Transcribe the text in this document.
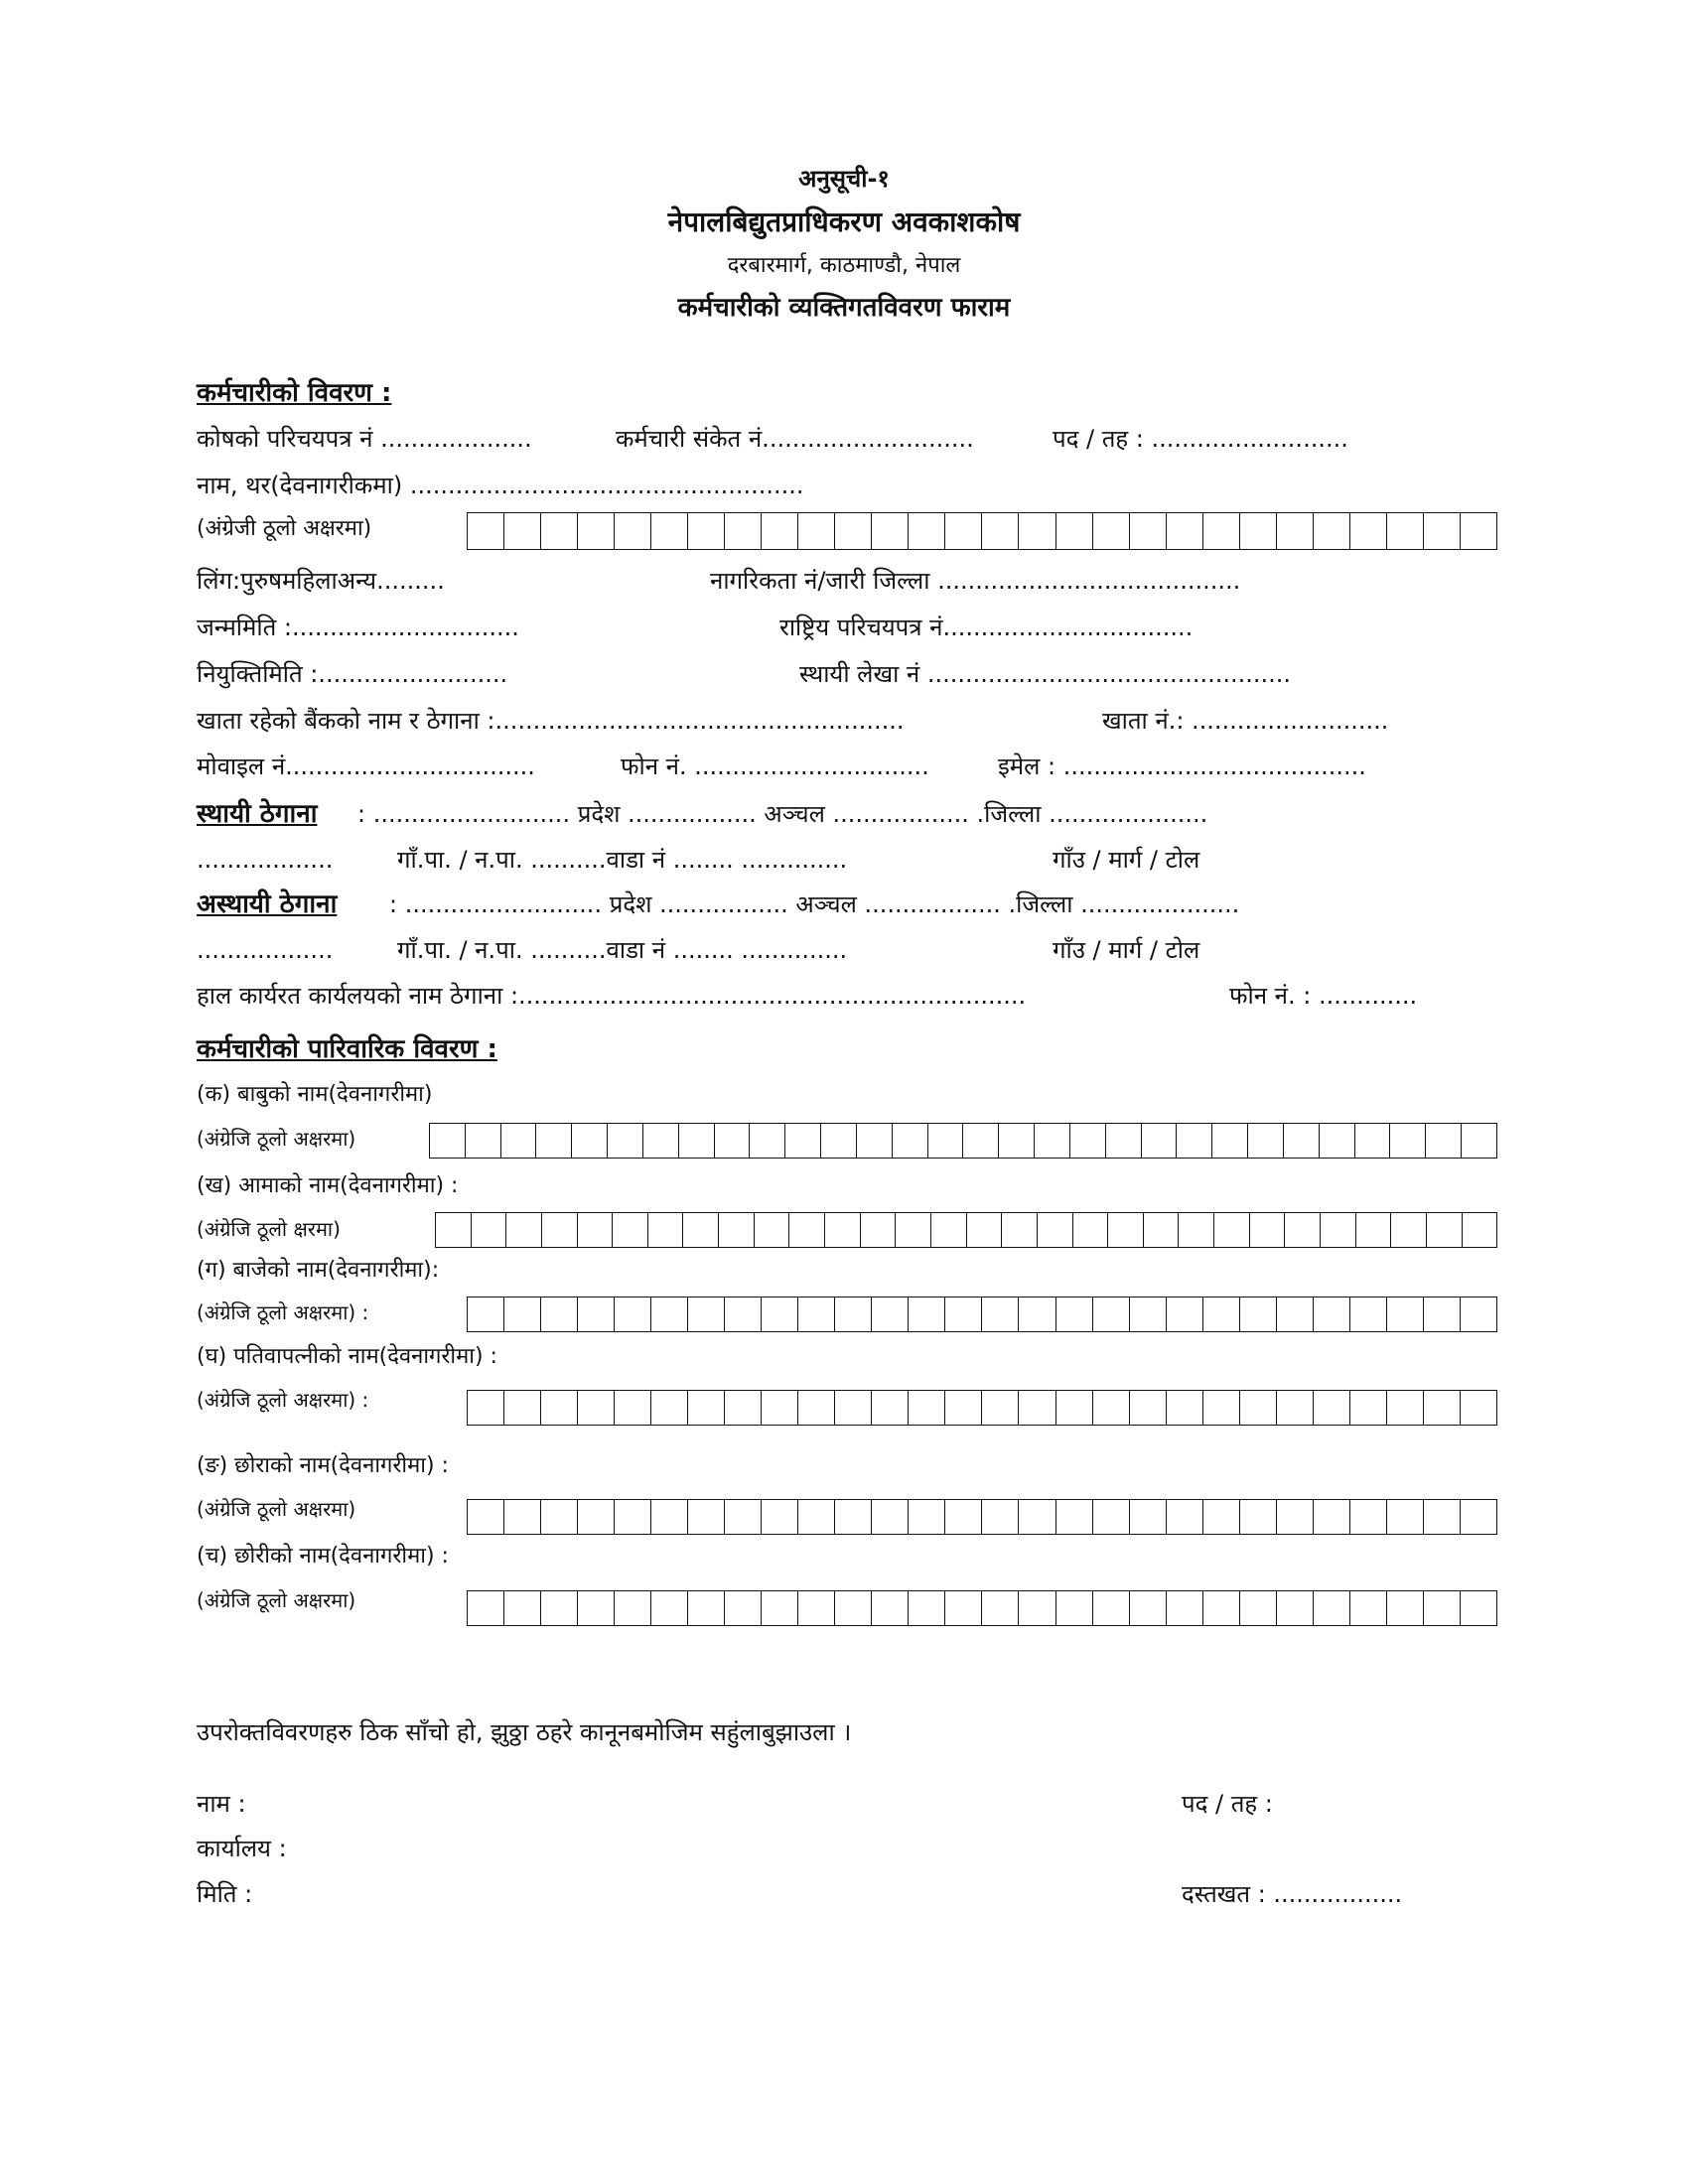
अनुसूची-१
नेपालबिद्युतप्राधिकरण अवकाशकोष
दरबारमार्ग, काठमाण्डौ, नेपाल
कर्मचारीको व्यक्तिगतविवरण फाराम
कर्मचारीको विवरण :
कोषको परिचयपत्र नं ....................	कर्मचारी संकेत नं............................	पद / तह : ..........................
नाम, थर(देवनागरीकमा) ....................................................
(अंग्रेजी ठूलो अक्षरमा)
लिंग:पुरुषमहिलाअन्य.........	नागरिकता नं/जारी जिल्ला ........................................
जन्ममिति :..............................	राष्ट्रिय परिचयपत्र नं.................................
नियुक्तिमिति :.........................	स्थायी लेखा नं ................................................
खाता रहेको बैंकको नाम र ठेगाना :......................................................	खाता नं.: ..........................
मोवाइल नं.................................	फोन नं. ...............................	इमेल : ........................................
स्थायी ठेगाना : .......................... प्रदेश ................. अञ्चल .................. .जिल्ला .....................
..................	गाँ.पा. / न.पा. ..........वाडा नं ........ ..............	गाँउ / मार्ग / टोल
अस्थायी ठेगाना : .......................... प्रदेश ................. अञ्चल .................. .जिल्ला .....................
..................	गाँ.पा. / न.पा. ..........वाडा नं ........ ..............	गाँउ / मार्ग / टोल
हाल कार्यरत कार्यलयको नाम ठेगाना :...................................................................	फोन नं. : .............
कर्मचारीको पारिवारिक विवरण :
(क) बाबुको नाम(देवनागरीमा)
(अंग्रेजि ठूलो अक्षरमा)
(ख) आमाको नाम(देवनागरीमा) :
(अंग्रेजि ठूलो क्षरमा)
(ग) बाजेको नाम(देवनागरीमा):
(अंग्रेजि ठूलो अक्षरमा) :
(घ) पतिवापत्नीको नाम(देवनागरीमा) :
(अंग्रेजि ठूलो अक्षरमा) :
(ङ) छोराको नाम(देवनागरीमा) :
(अंग्रेजि ठूलो अक्षरमा)
(च) छोरीको नाम(देवनागरीमा) :
(अंग्रेजि ठूलो अक्षरमा)
उपरोक्तविवरणहरु ठिक साँचो हो, झुठ्ठा ठहरे कानूनबमोजिम सहुंलाबुझाउला ।
नाम :	पद / तह :
कार्यालय :
मिति :	दस्तखत : .................
